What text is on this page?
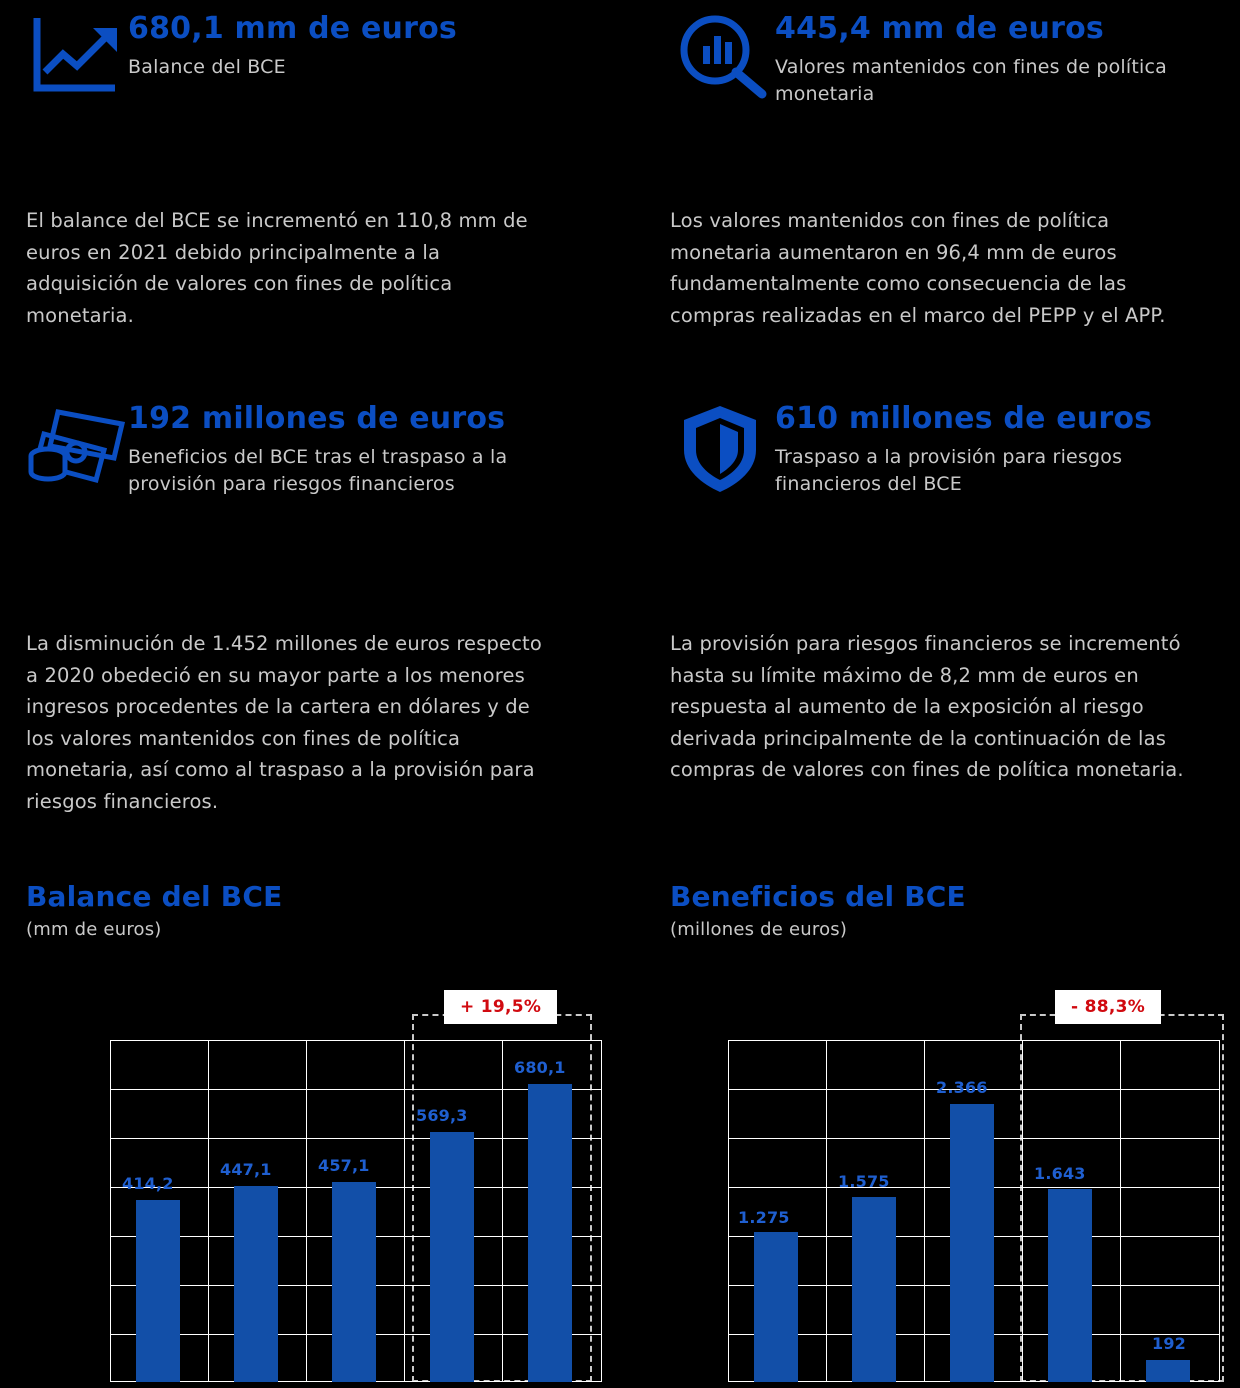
680,1 mm de euros
Balance del BCE
El balance del BCE se incrementó en 110,8 mm de euros en 2021 debido principalmente a la adquisición de valores con fines de política monetaria.
445,4 mm de euros
Valores mantenidos con fines de política monetaria
Los valores mantenidos con fines de política monetaria aumentaron en 96,4 mm de euros fundamentalmente como consecuencia de las compras realizadas en el marco del PEPP y el APP.
192 millones de euros
Beneficios del BCE tras el traspaso a la provisión para riesgos financieros
La disminución de 1.452 millones de euros respecto a 2020 obedeció en su mayor parte a los menores ingresos procedentes de la cartera en dólares y de los valores mantenidos con fines de política monetaria, así como al traspaso a la provisión para riesgos financieros.
610 millones de euros
Traspaso a la provisión para riesgos financieros del BCE
La provisión para riesgos financieros se incrementó hasta su límite máximo de 8,2 mm de euros en respuesta al aumento de la exposición al riesgo derivada principalmente de la continuación de las compras de valores con fines de política monetaria.
Balance del BCE
(mm de euros)
+ 19,5%
414,2
447,1	457,1
569,3
680,1
Beneficios del BCE
(millones de euros)
- 88,3%
1.275
1.575
2.366
1.643
192
